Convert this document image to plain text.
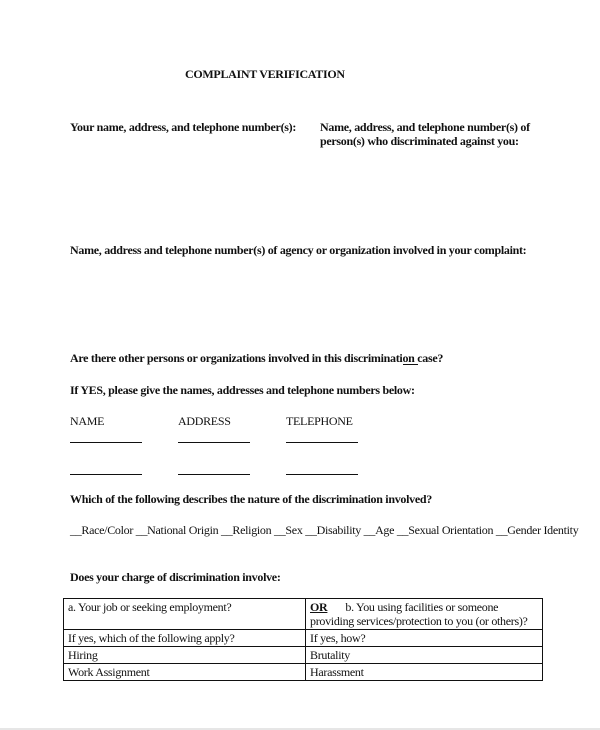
COMPLAINT VERIFICATION
Your name, address, and telephone number(s): Name, address, and telephone number(s) of
person(s) who discriminated against you:
Name, address and telephone number(s) of agency or organization involved in your complaint:
Are there other persons or organizations involved in this discrimination case?
If YES, please give the names, addresses and telephone numbers below:
NAME	ADDRESS	TELEPHONE
Which of the following describes the nature of the discrimination involved?
__Race/Color __National Origin __Religion __Sex __Disability __Age __Sexual Orientation __Gender Identity
Does your charge of discrimination involve:
a. Your job or seeking employment?	OR b. You using facilities or someone providing services/protection to you (or others)?
If yes, which of the following apply?	If yes, how?
Hiring	Brutality
Work Assignment	Harassment
